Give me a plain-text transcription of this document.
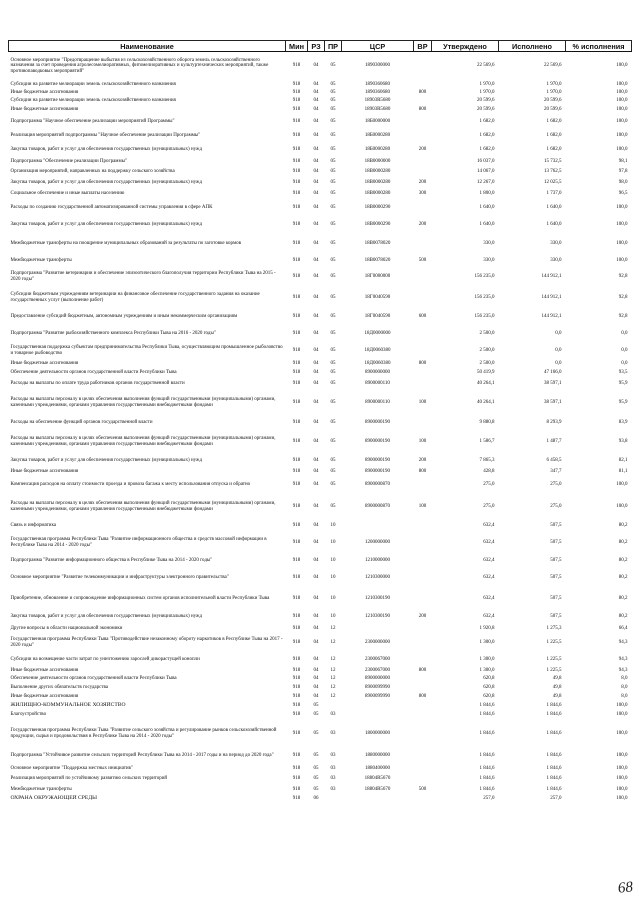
Наименование	Мин	РЗ	ПР	ЦСР	ВР	Утверждено	Исполнено	% исполнения
Основное мероприятие "Предотвращение выбытия из сельскохозяйственного оборота земель сельскохозяйственного назначения за счет проведения агролесомелиоративных, фитомелиоративных и культуртехнических мероприятий, также противопаводковых мероприятий"	918	04	05	1890300000		22 569,6	22 569,6	100,0
Субсидии на развитие мелиорации земель сельскохозяйственного назначения	918	04	05	1890360680		1 970,0	1 970,0	100,0
Иные бюджетные ассигнования	918	04	05	1890360680	800	1 970,0	1 970,0	100,0
Субсидии на развитие мелиорации земель сельскохозяйственного назначения	918	04	05	18903R5680		20 599,6	20 599,6	100,0
Иные бюджетные ассигнования	918	04	05	18903R5680	800	20 599,6	20 599,6	100,0
Подпрограмма "Научное обеспечение реализации мероприятий Программы"	918	04	05	18Б0000000		1 682,0	1 682,0	100,0
Реализация мероприятий подпрограммы "Научное обеспечение реализации Программы"	918	04	05	18Б0000280		1 682,0	1 682,0	100,0
Закупка товаров, работ и услуг для обеспечения государственных (муниципальных) нужд	918	04	05	18Б0000280	200	1 682,0	1 682,0	100,0
Подпрограмма "Обеспечение реализации Программы"	918	04	05	18В0000000		16 037,0	15 732,5	98,1
Организация мероприятий, направленных на поддержку сельского хозяйства	918	04	05	18В0000280		14 067,0	13 762,5	97,8
Закупка товаров, работ и услуг для обеспечения государственных (муниципальных) нужд	918	04	05	18В0000280	200	12 267,0	12 025,5	98,0
Социальное обеспечение и иные выплаты населению	918	04	05	18В0000280	300	1 800,0	1 737,0	96,5
Расходы по созданию государственной автоматизированной системы управления в сфере АПК	918	04	05	18В0000290		1 640,0	1 640,0	100,0
Закупка товаров, работ и услуг для обеспечения государственных (муниципальных) нужд	918	04	05	18В0000290	200	1 640,0	1 640,0	100,0
Межбюджетные трансферты на поощрение муниципальных образований за результаты по заготовке кормов	918	04	05	18В0078020		330,0	330,0	100,0
Межбюджетные трансферты	918	04	05	18В0078020	500	330,0	330,0	100,0
Подпрограмма "Развитие ветеринарии и обеспечение эпизоотического благополучия территории Республики Тыва на 2015 - 2020 годы"	918	04	05	18Г0000000		156 235,0	144 912,1	92,8
Субсидии бюджетным учреждениям ветеринарии на финансовое обеспечение государственного задания на оказание государственных услуг (выполнение работ)	918	04	05	18Г0040590		156 235,0	144 912,1	92,8
Предоставление субсидий бюджетным, автономным учреждениям и иным некоммерческим организациям	918	04	05	18Г0040590	600	156 235,0	144 912,1	92,8
Подпрограмма "Развитие рыбохозяйственного комплекса Республики Тыва на 2016 - 2020 годы"	918	04	05	18Д0000000		2 500,0	0,0	0,0
Государственная поддержка субъектам предпринимательства Республики Тыва, осуществляющим промышленное рыболовство и товарное рыбоводство	918	04	05	18Д0060380		2 500,0	0,0	0,0
Иные бюджетные ассигнования	918	04	05	18Д0060380	800	2 500,0	0,0	0,0
Обеспечение деятельности органов государственной власти Республики Тыва	918	04	05	8900000000		50 419,9	47 166,0	93,5
Расходы на выплаты по оплате труда работников органов государственной власти	918	04	05	8900000110		40 264,1	38 597,1	95,9
Расходы на выплаты персоналу в целях обеспечения выполнения функций государственными (муниципальными) органами, казенными учреждениями, органами управления государственными внебюджетными фондами	918	04	05	8900000110	100	40 264,1	38 597,1	95,9
Расходы на обеспечение функций органов государственной власти	918	04	05	8900000190		9 880,8	8 293,9	83,9
Расходы на выплаты персоналу в целях обеспечения выполнения функций государственными (муниципальными) органами, казенными учреждениями, органами управления государственными внебюджетными фондами	918	04	05	8900000190	100	1 586,7	1 487,7	93,8
Закупка товаров, работ и услуг для обеспечения государственных (муниципальных) нужд	918	04	05	8900000190	200	7 865,3	6 458,5	82,1
Иные бюджетные ассигнования	918	04	05	8900000190	800	428,8	347,7	81,1
Компенсация расходов на оплату стоимости проезда и провоза багажа к месту использования отпуска и обратно	918	04	05	8900000870		275,0	275,0	100,0
Расходы на выплаты персоналу в целях обеспечения выполнения функций государственными (муниципальными) органами, казенными учреждениями, органами управления государственными внебюджетными фондами	918	04	05	8900000870	100	275,0	275,0	100,0
Связь и информатика	918	04	10			632,4	507,5	80,2
Государственная программа Республики Тыва "Развитие информационного общества и средств массовой информации в Республике Тыва на 2014 - 2020 годы"	918	04	10	1200000000		632,4	507,5	80,2
Подпрограмма "Развитие информационного общества в Республике Тыва на 2014 - 2020 годы"	918	04	10	1210000000		632,4	507,5	80,2
Основное мероприятие "Развитие телекоммуникации и инфраструктуры электронного правительства"	918	04	10	1210300000		632,4	507,5	80,2
Приобретение, обновление и сопровождение информационных систем органов исполнительной власти Республики Тыва	918	04	10	1210300190		632,4	507,5	80,2
Закупка товаров, работ и услуг для обеспечения государственных (муниципальных) нужд	918	04	10	1210300190	200	632,4	507,5	80,2
Другие вопросы в области национальной экономики	918	04	12			1 920,8	1 275,3	66,4
Государственная программа Республики Тыва "Противодействие незаконному обороту наркотиков в Республике Тыва на 2017 - 2020 годы"	918	04	12	2300000000		1 300,0	1 225,5	94,3
Субсидии на возмещение части затрат по уничтожению зарослей дикорастущей конопли	918	04	12	2300067000		1 300,0	1 225,5	94,3
Иные бюджетные ассигнования	918	04	12	2300067000	800	1 300,0	1 225,5	94,3
Обеспечение деятельности органов государственной власти Республики Тыва	918	04	12	8900000000		620,8	49,8	8,0
Выполнение других обязательств государства	918	04	12	8900099990		620,8	49,8	8,0
Иные бюджетные ассигнования	918	04	12	8900099990	800	620,8	49,8	8,0
ЖИЛИЩНО-КОММУНАЛЬНОЕ ХОЗЯЙСТВО	918	05				1 844,6	1 844,6	100,0
Благоустройство	918	05	03			1 844,6	1 844,6	100,0
Государственная программа Республики Тыва "Развитие сельского хозяйства и регулирование рынков сельскохозяйственной продукции, сырья и продовольствия в Республике Тыва на 2014 - 2020 годы"	918	05	03	1800000000		1 844,6	1 844,6	100,0
Подпрограмма "Устойчивое развитие сельских территорий Республики Тыва на 2014 - 2017 годы и на период до 2020 года"	918	05	03	1880000000		1 844,6	1 844,6	100,0
Основное мероприятие "Поддержка местных инициатив"	918	05	03	1880400000		1 844,6	1 844,6	100,0
Реализация мероприятий по устойчивому развитию сельских территорий	918	05	03	18804R5670		1 844,6	1 844,6	100,0
Межбюджетные трансферты	918	05	03	18804R5670	500	1 844,6	1 844,6	100,0
ОХРАНА ОКРУЖАЮЩЕЙ СРЕДЫ	918	06				257,0	257,0	100,0
68
